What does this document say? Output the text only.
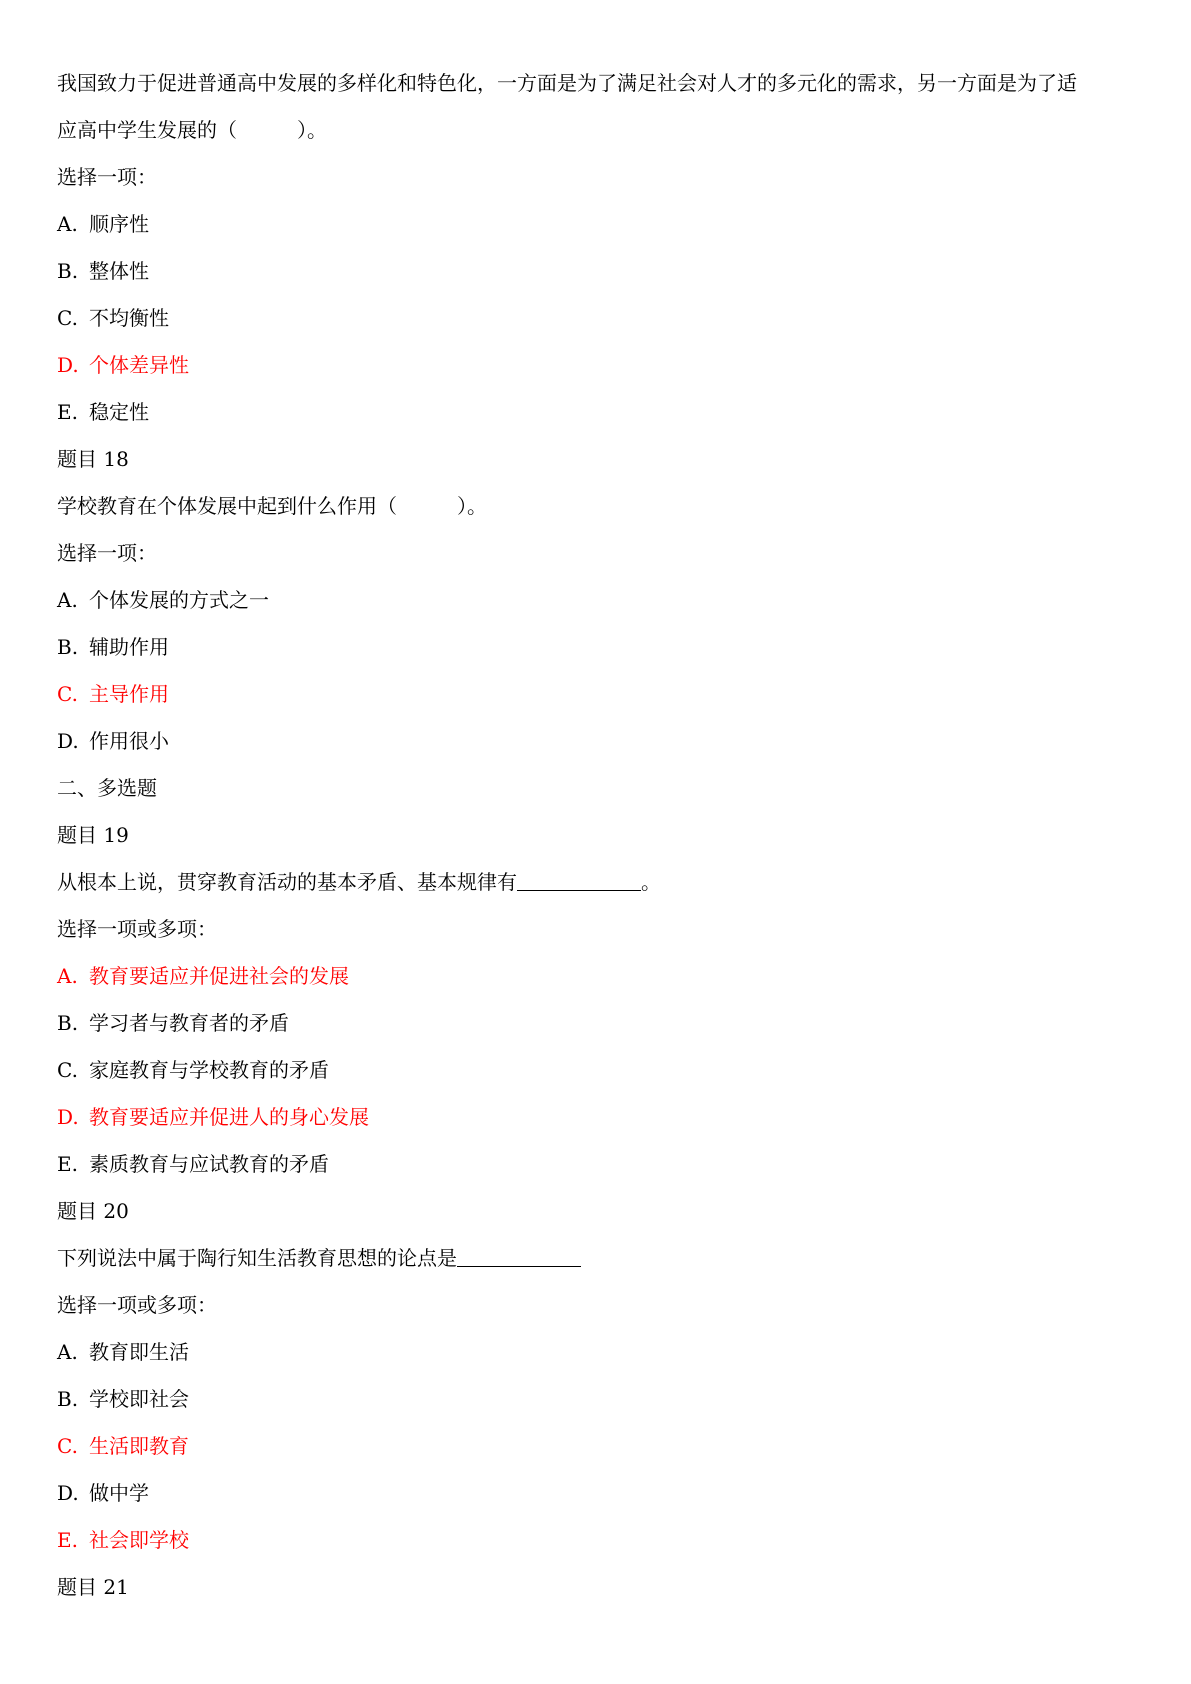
我国致力于促进普通高中发展的多样化和特色化，一方面是为了满足社会对人才的多元化的需求，另一方面是为了适
应高中学生发展的（　　　）。
选择一项：
A. 顺序性
B. 整体性
C. 不均衡性
D. 个体差异性
E. 稳定性
题目 18
学校教育在个体发展中起到什么作用（　　　）。
选择一项：
A. 个体发展的方式之一
B. 辅助作用
C. 主导作用
D. 作用很小
二、多选题
题目 19
从根本上说，贯穿教育活动的基本矛盾、基本规律有	。
选择一项或多项：
A. 教育要适应并促进社会的发展
B. 学习者与教育者的矛盾
C. 家庭教育与学校教育的矛盾
D. 教育要适应并促进人的身心发展
E. 素质教育与应试教育的矛盾
题目 20
下列说法中属于陶行知生活教育思想的论点是
选择一项或多项：
A. 教育即生活
B. 学校即社会
C. 生活即教育
D. 做中学
E. 社会即学校
题目 21
